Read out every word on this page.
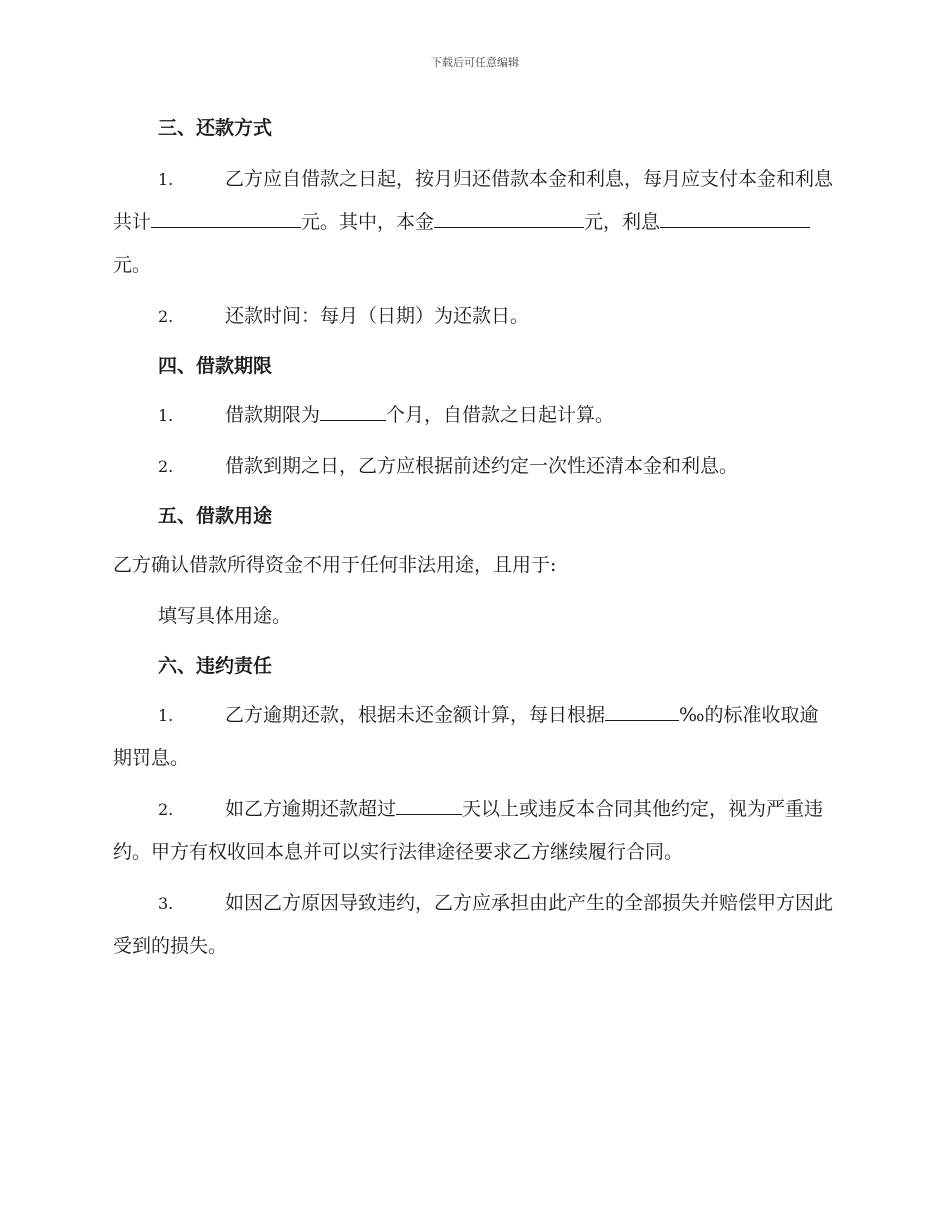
下载后可任意编辑
三、还款方式

1.	乙方应自借款之日起，按月归还借款本金和利息，每月应支付本金和利息共计	元。其中，本金	元，利息元。

2.	还款时间：每月（日期）为还款日。

四、借款期限

1.	借款期限为	个月，自借款之日起计算。

2.	借款到期之日，乙方应根据前述约定一次性还清本金和利息。

五、借款用途

乙方确认借款所得资金不用于任何非法用途，且用于:

填写具体用途。

六、违约责任

1.	乙方逾期还款，根据未还金额计算，每日根据	‰的标准收取逾期罚息。

2.	如乙方逾期还款超过	天以上或违反本合同其他约定，视为严重违约。甲方有权收回本息并可以实行法律途径要求乙方继续履行合同。

3.	如因乙方原因导致违约，乙方应承担由此产生的全部损失并赔偿甲方因此受到的损失。
